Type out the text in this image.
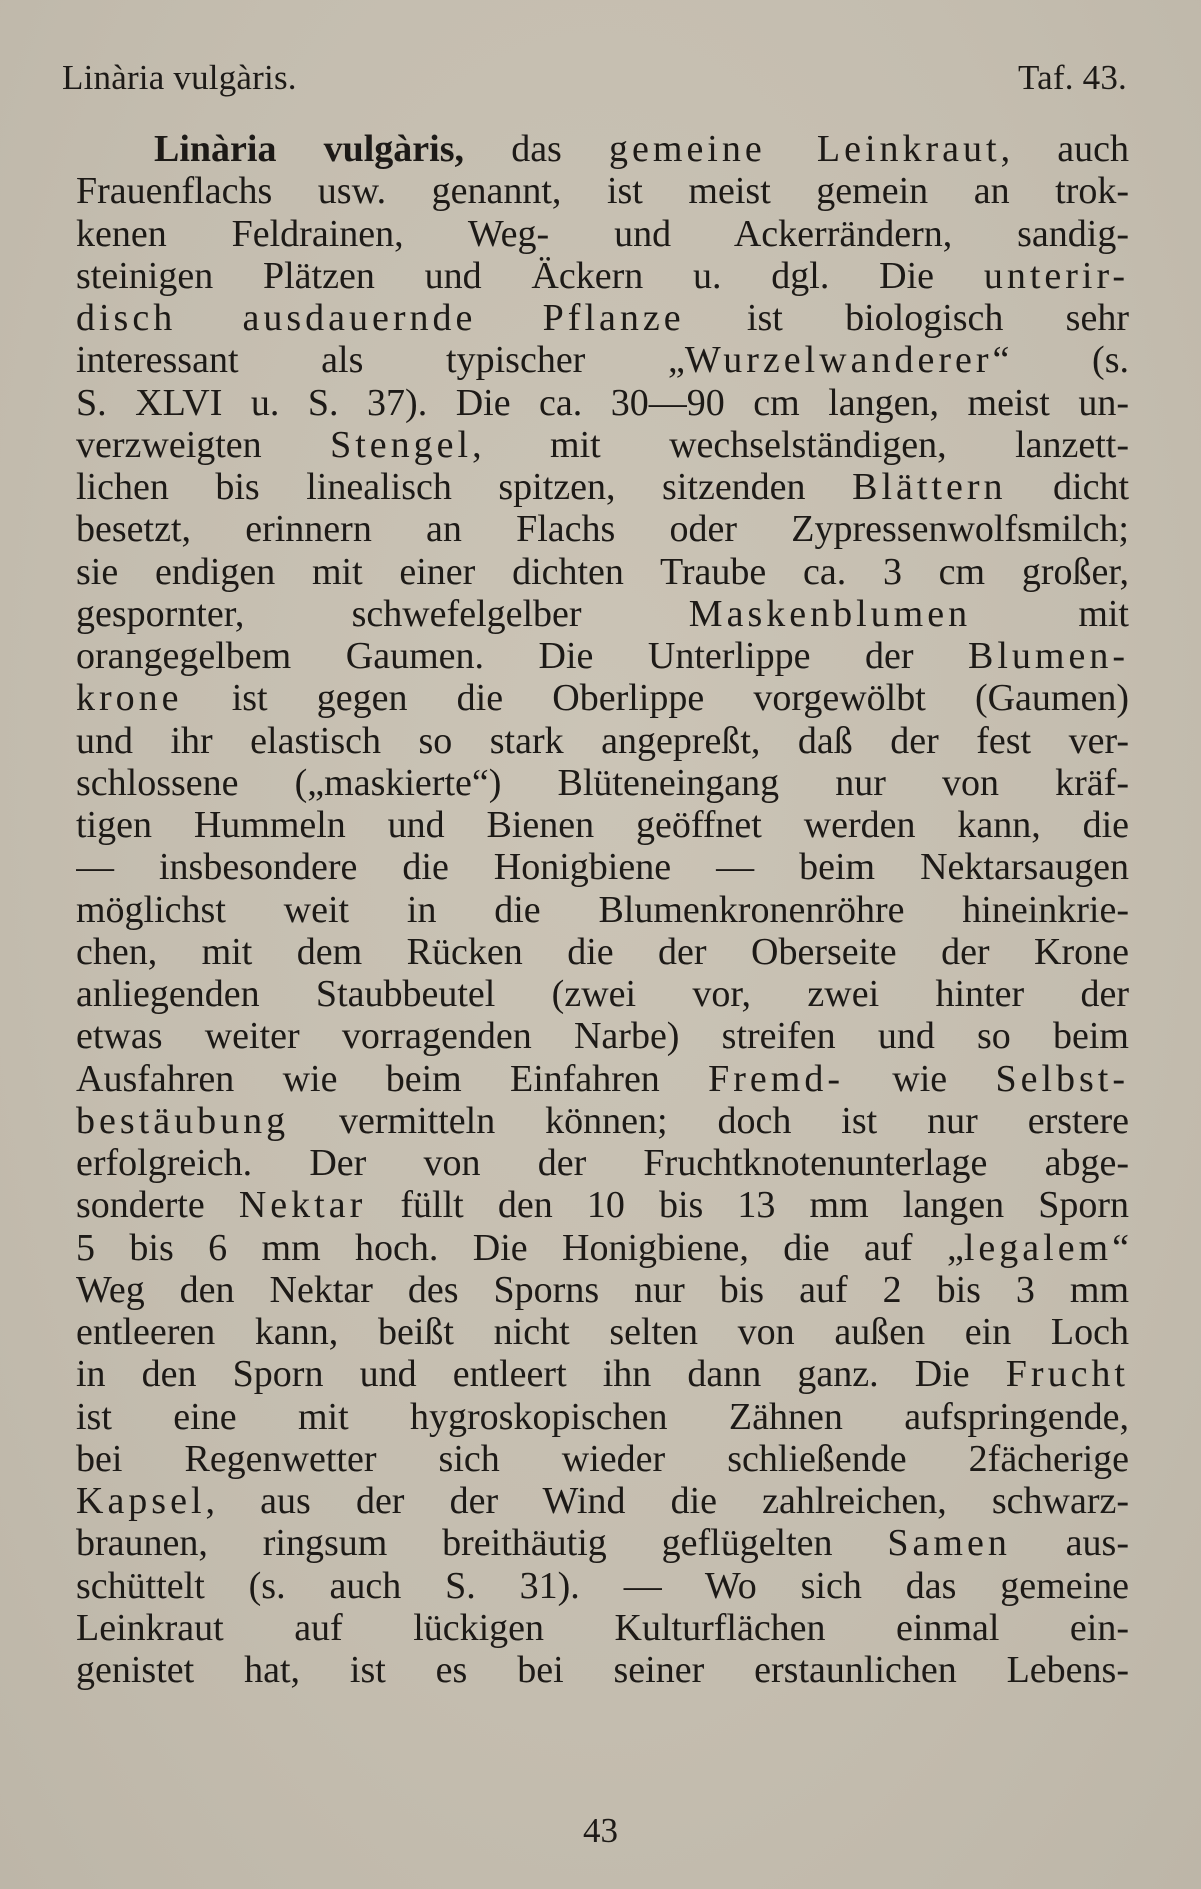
Linària vulgàris.	Taf. 43.
Linària vulgàris, das gemeine Leinkraut, auch
Frauenflachs usw. genannt, ist meist gemein an trok-
kenen Feldrainen, Weg- und Ackerrändern, sandig-
steinigen Plätzen und Äckern u. dgl. Die unterir-
disch ausdauernde Pflanze ist biologisch sehr
interessant als typischer „Wurzelwanderer“ (s.
S. XLVI u. S. 37). Die ca. 30—90 cm langen, meist un-
verzweigten Stengel, mit wechselständigen, lanzett-
lichen bis linealisch spitzen, sitzenden Blättern dicht
besetzt, erinnern an Flachs oder Zypressenwolfsmilch;
sie endigen mit einer dichten Traube ca. 3 cm großer,
gespornter, schwefelgelber Maskenblumen mit
orangegelbem Gaumen. Die Unterlippe der Blumen-
krone ist gegen die Oberlippe vorgewölbt (Gaumen)
und ihr elastisch so stark angepreßt, daß der fest ver-
schlossene („maskierte“) Blüteneingang nur von kräf-
tigen Hummeln und Bienen geöffnet werden kann, die
— insbesondere die Honigbiene — beim Nektarsaugen
möglichst weit in die Blumenkronenröhre hineinkrie-
chen, mit dem Rücken die der Oberseite der Krone
anliegenden Staubbeutel (zwei vor, zwei hinter der
etwas weiter vorragenden Narbe) streifen und so beim
Ausfahren wie beim Einfahren Fremd- wie Selbst-
bestäubung vermitteln können; doch ist nur erstere
erfolgreich. Der von der Fruchtknotenunterlage abge-
sonderte Nektar füllt den 10 bis 13 mm langen Sporn
5 bis 6 mm hoch. Die Honigbiene, die auf „legalem“
Weg den Nektar des Sporns nur bis auf 2 bis 3 mm
entleeren kann, beißt nicht selten von außen ein Loch
in den Sporn und entleert ihn dann ganz. Die Frucht
ist eine mit hygroskopischen Zähnen aufspringende,
bei Regenwetter sich wieder schließende 2fächerige
Kapsel, aus der der Wind die zahlreichen, schwarz-
braunen, ringsum breithäutig geflügelten Samen aus-
schüttelt (s. auch S. 31). — Wo sich das gemeine
Leinkraut auf lückigen Kulturflächen einmal ein-
genistet hat, ist es bei seiner erstaunlichen Lebens-
43
